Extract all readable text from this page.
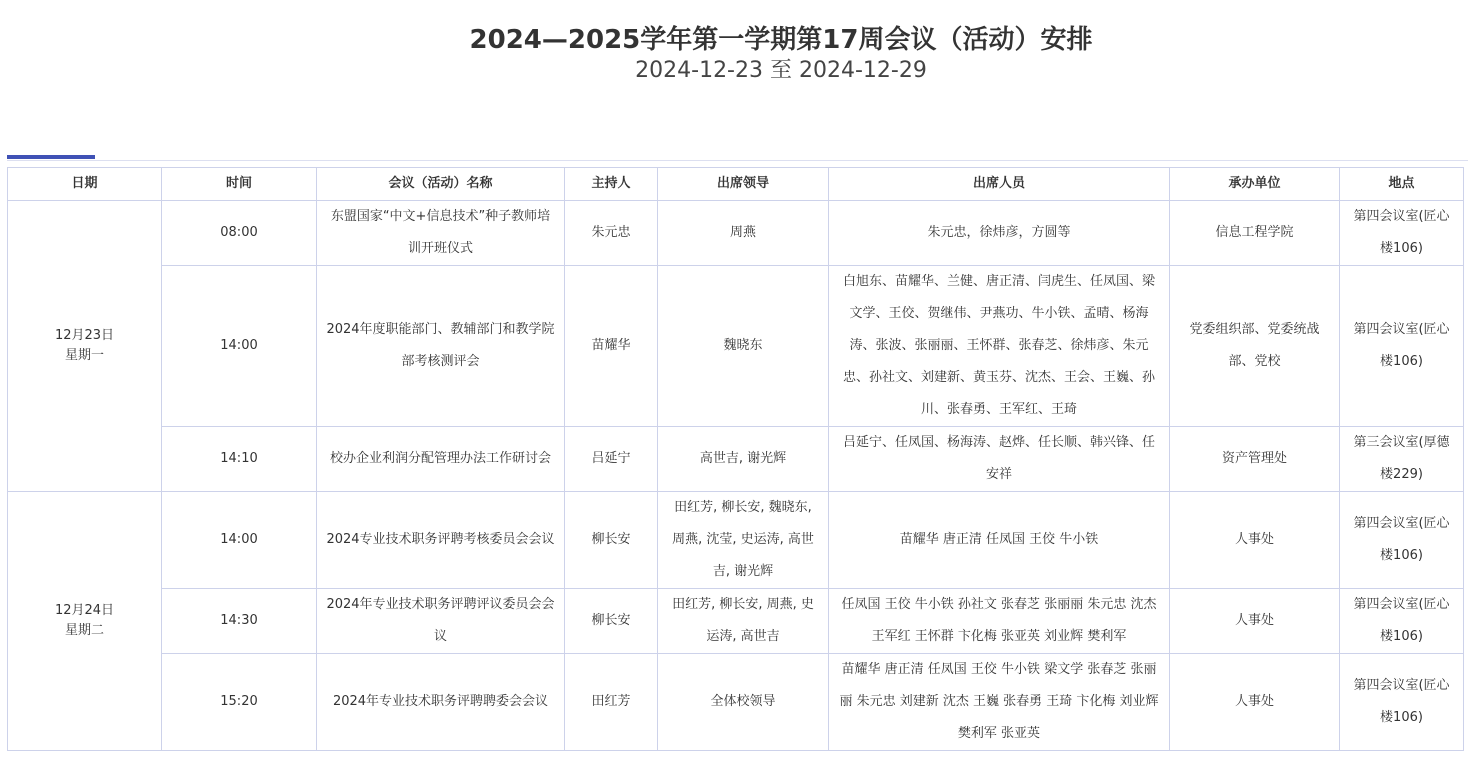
2024—2025学年第一学期第17周会议（活动）安排
2024-12-23 至 2024-12-29
日期	时间	会议（活动）名称	主持人	出席领导	出席人员	承办单位	地点

12月23日
星期一	08:00	东盟国家“中文+信息技术”种子教师培训开班仪式	朱元忠	周燕	朱元忠，徐炜彦，方圆等	信息工程学院	第四会议室(匠心楼106)
	14:00	2024年度职能部门、教辅部门和教学院部考核测评会	苗耀华	魏晓东	白旭东、苗耀华、兰健、唐正清、闫虎生、任凤国、梁文学、王佼、贺继伟、尹燕功、牛小铁、孟晴、杨海涛、张波、张丽丽、王怀群、张春芝、徐炜彦、朱元忠、孙社文、刘建新、黄玉芬、沈杰、王会、王巍、孙川、张春勇、王军红、王琦	党委组织部、党委统战部、党校	第四会议室(匠心楼106)
	14:10	校办企业利润分配管理办法工作研讨会	吕延宁	高世吉, 谢光辉	吕延宁、任凤国、杨海涛、赵烨、任长顺、韩兴锋、任安祥	资产管理处	第三会议室(厚德楼229)

12月24日
星期二	14:00	2024专业技术职务评聘考核委员会会议	柳长安	田红芳, 柳长安, 魏晓东, 周燕, 沈莹, 史运涛, 高世吉, 谢光辉	苗耀华 唐正清 任凤国 王佼 牛小铁	人事处	第四会议室(匠心楼106)
	14:30	2024年专业技术职务评聘评议委员会会议	柳长安	田红芳, 柳长安, 周燕, 史运涛, 高世吉	任凤国 王佼 牛小铁 孙社文 张春芝 张丽丽 朱元忠 沈杰 王军红 王怀群 卞化梅 张亚英 刘业辉 樊利军	人事处	第四会议室(匠心楼106)
	15:20	2024年专业技术职务评聘聘委会会议	田红芳	全体校领导	苗耀华 唐正清 任凤国 王佼 牛小铁 梁文学 张春芝 张丽丽 朱元忠 刘建新 沈杰 王巍 张春勇 王琦 卞化梅 刘业辉 樊利军 张亚英	人事处	第四会议室(匠心楼106)
